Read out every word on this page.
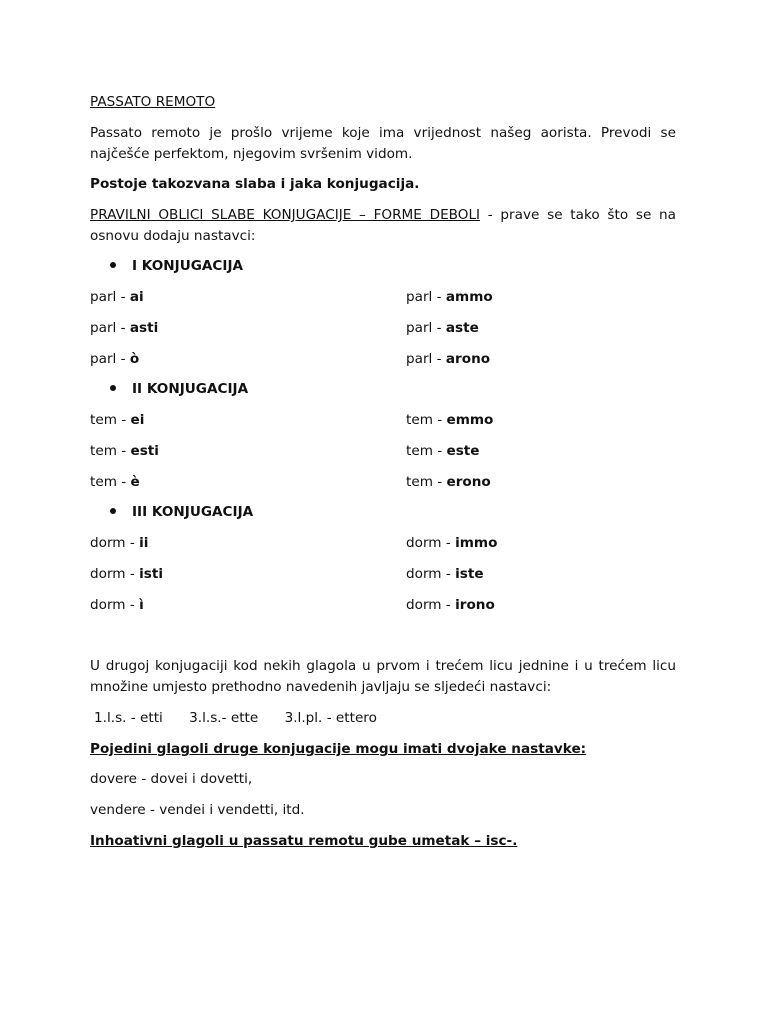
PASSATO REMOTO
Passato remoto je prošlo vrijeme koje ima vrijednost našeg aorista. Prevodi se najčešće perfektom, njegovim svršenim vidom.
Postoje takozvana slaba i jaka konjugacija.
PRAVILNI OBLICI SLABE KONJUGACIJE – FORME DEBOLI - prave se tako što se na osnovu dodaju nastavci:
I KONJUGACIJA
parl - ai	parl - ammo
parl - asti	parl - aste
parl - ò	parl - arono
II KONJUGACIJA
tem - ei	tem - emmo
tem - esti	tem - este
tem - è	tem - erono
III KONJUGACIJA
dorm - ii	dorm - immo
dorm - isti	dorm - iste
dorm - ì	dorm - irono
U drugoj konjugaciji kod nekih glagola u prvom i trećem licu jednine i u trećem licu množine umjesto prethodno navedenih javljaju se sljedeći nastavci:
1.l.s. - etti 3.l.s.- ette 3.l.pl. - ettero
Pojedini glagoli druge konjugacije mogu imati dvojake nastavke:
dovere - dovei i dovetti,
vendere - vendei i vendetti, itd.
Inhoativni glagoli u passatu remotu gube umetak – isc-.
